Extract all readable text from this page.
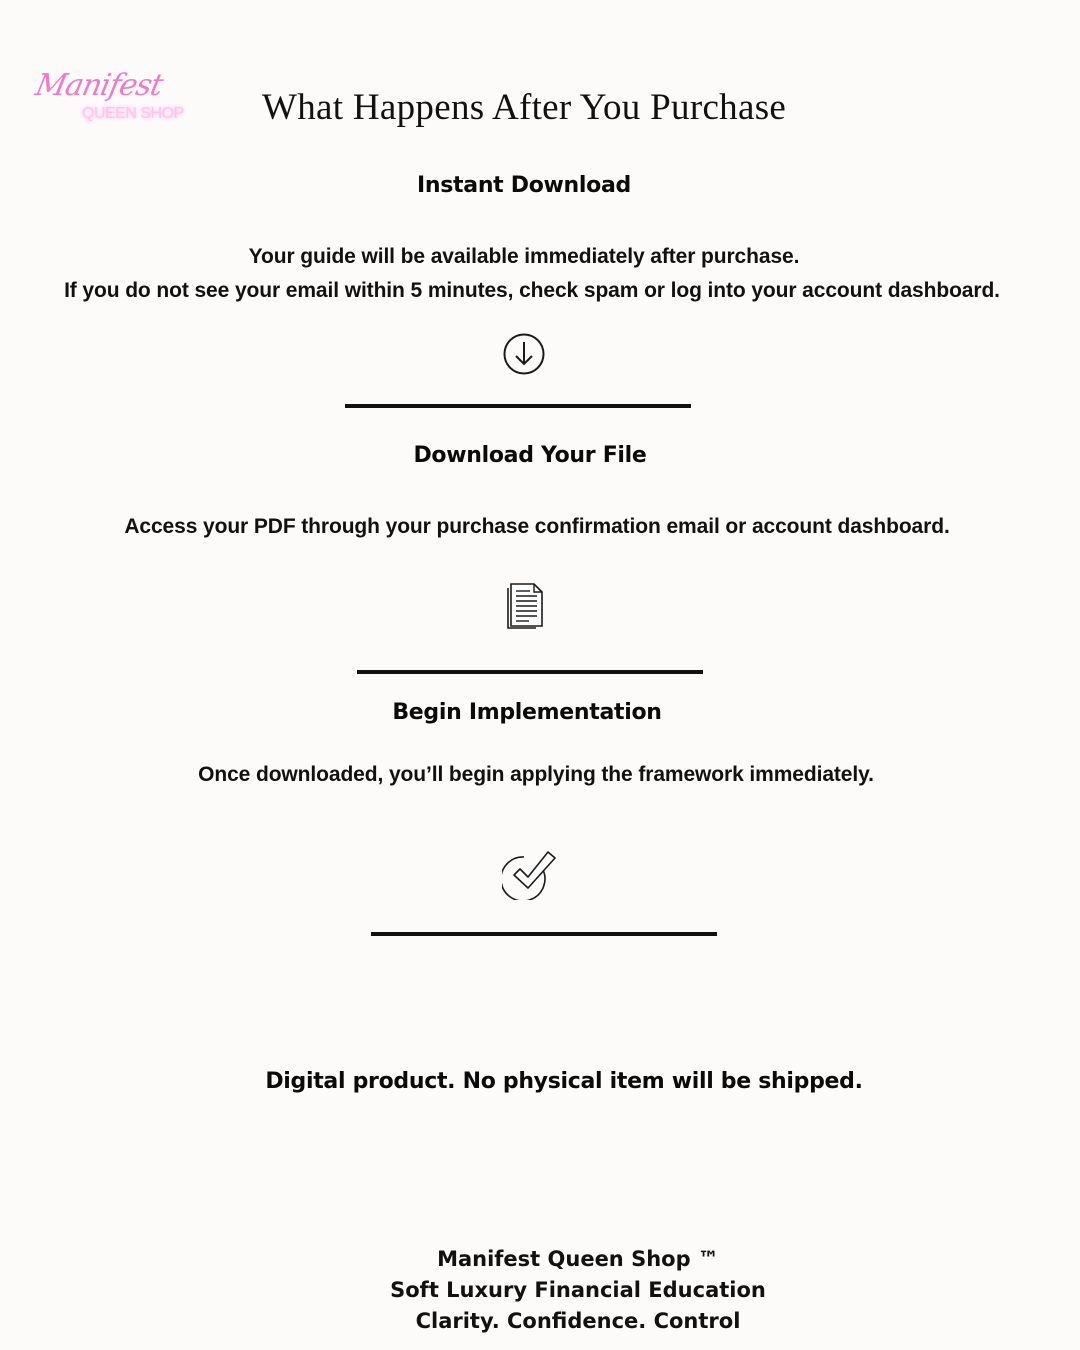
Manifest
QUEEN SHOP What Happens After You Purchase
Instant Download
Your guide will be available immediately after purchase.
If you do not see your email within 5 minutes, check spam or log into your account dashboard.
Download Your File
Access your PDF through your purchase confirmation email or account dashboard.
Begin Implementation
Once downloaded, you’ll begin applying the framework immediately.
Digital product. No physical item will be shipped.
Manifest Queen Shop ™
Soft Luxury Financial Education
Clarity. Confidence. Control
